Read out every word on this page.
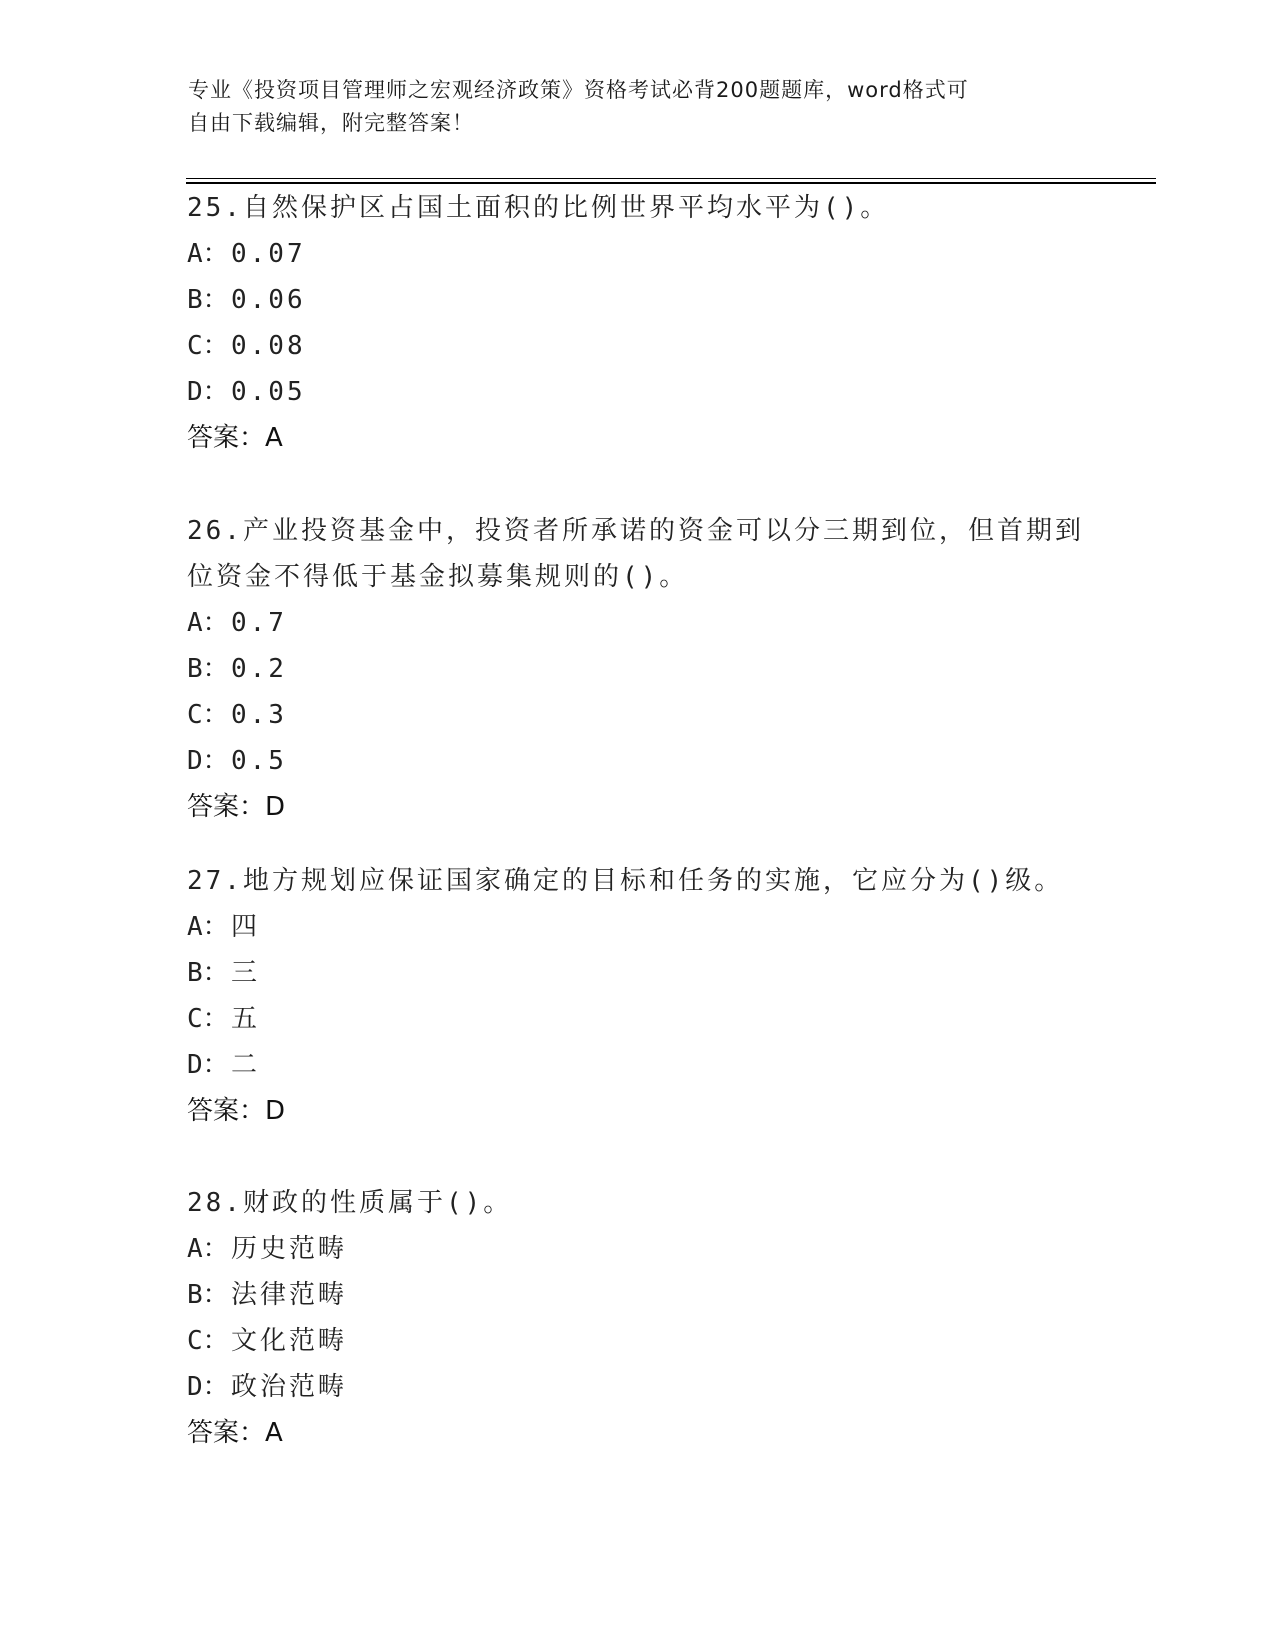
专业《投资项目管理师之宏观经济政策》资格考试必背200题题库，word格式可
自由下载编辑，附完整答案！
25.自然保护区占国土面积的比例世界平均水平为()。
A： 0.07
B： 0.06
C： 0.08
D： 0.05
答案：A
26.产业投资基金中，投资者所承诺的资金可以分三期到位，但首期到
位资金不得低于基金拟募集规则的()。
A： 0.7
B： 0.2
C： 0.3
D： 0.5
答案：D
27.地方规划应保证国家确定的目标和任务的实施，它应分为()级。
A： 四
B： 三
C： 五
D： 二
答案：D
28.财政的性质属于()。
A： 历史范畴
B： 法律范畴
C： 文化范畴
D： 政治范畴
答案：A
